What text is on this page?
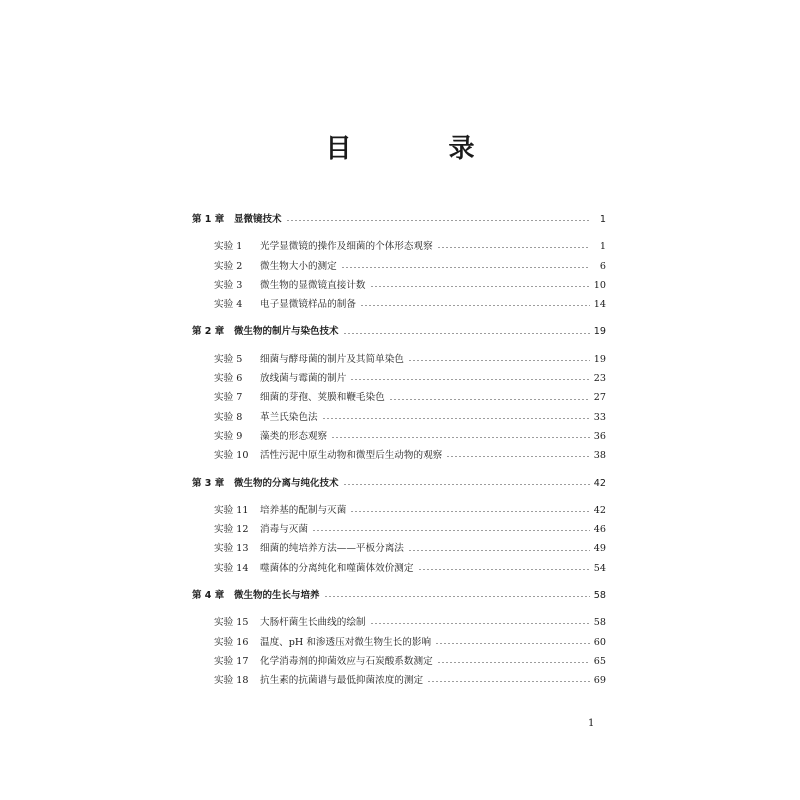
目 录
第 1 章 显微镜技术	1
实验 1 光学显微镜的操作及细菌的个体形态观察	1
实验 2 微生物大小的测定	6
实验 3 微生物的显微镜直接计数	10
实验 4 电子显微镜样品的制备	14
第 2 章 微生物的制片与染色技术	19
实验 5 细菌与酵母菌的制片及其简单染色	19
实验 6 放线菌与霉菌的制片	23
实验 7 细菌的芽孢、荚膜和鞭毛染色	27
实验 8 革兰氏染色法	33
实验 9 藻类的形态观察	36
实验 10 活性污泥中原生动物和微型后生动物的观察	38
第 3 章 微生物的分离与纯化技术	42
实验 11 培养基的配制与灭菌	42
实验 12 消毒与灭菌	46
实验 13 细菌的纯培养方法——平板分离法	49
实验 14 噬菌体的分离纯化和噬菌体效价测定	54
第 4 章 微生物的生长与培养	58
实验 15 大肠杆菌生长曲线的绘制	58
实验 16 温度、pH 和渗透压对微生物生长的影响	60
实验 17 化学消毒剂的抑菌效应与石炭酸系数测定	65
实验 18 抗生素的抗菌谱与最低抑菌浓度的测定	69
1
